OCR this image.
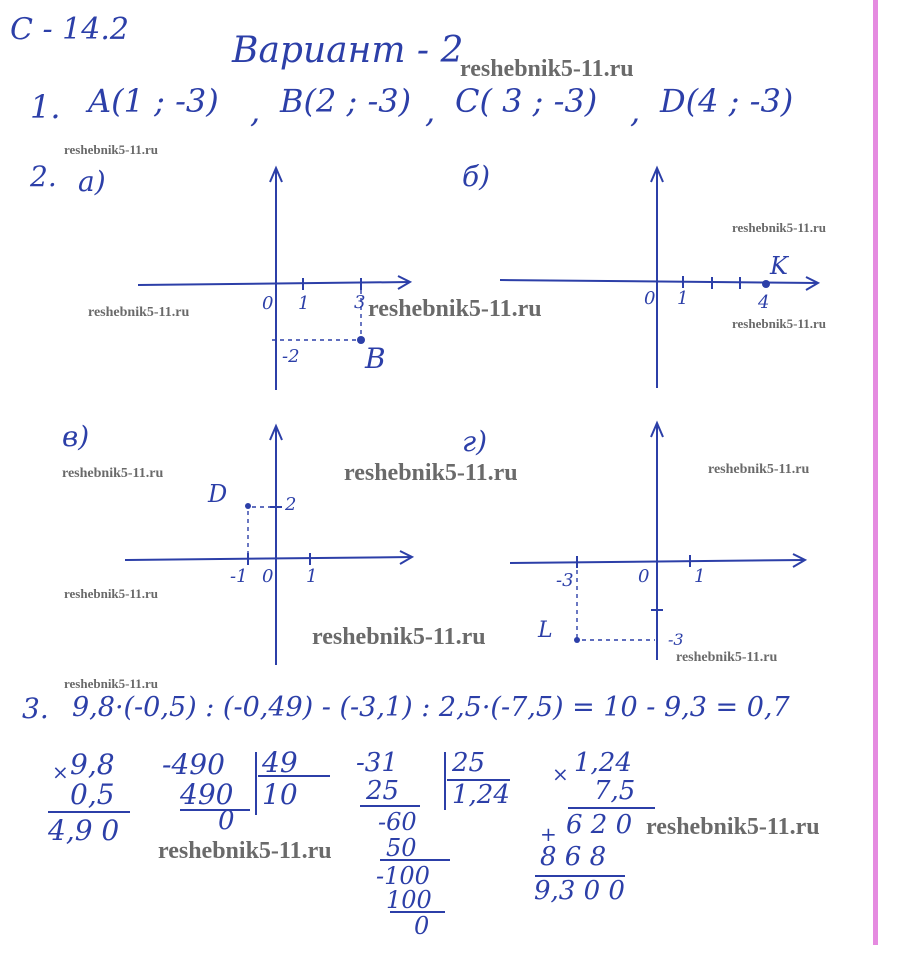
С - 14.2
Вариант - 2
1. A(1 ; -3) , B(2 ; -3) , C( 3 ; -3) , D(4 ; -3)
2. а)	б)
в)	г)
0 1 3
-2 B
0 1	4
K
-1 0 1
2
D
-3	0 1
-3
L
3. 9,8·(-0,5) : (-0,49) - (-3,1) : 2,5·(-7,5) = 10 - 9,3 = 0,7
× 9,8
0,5
4,9 0
-490 49
490 10
0
-31 25
25 1,24
-60
50
-100
100
0
× 1,24
7,5
+ 6 2 0
8 6 8
9,3 0 0
reshebnik5-11.ru
reshebnik5-11.ru
reshebnik5-11.ru
reshebnik5-11.ru	reshebnik5-11.ru
reshebnik5-11.ru
reshebnik5-11.ru	reshebnik5-11.ru	reshebnik5-11.ru
reshebnik5-11.ru
reshebnik5-11.ru
reshebnik5-11.ru
reshebnik5-11.ru
reshebnik5-11.ru
reshebnik5-11.ru
